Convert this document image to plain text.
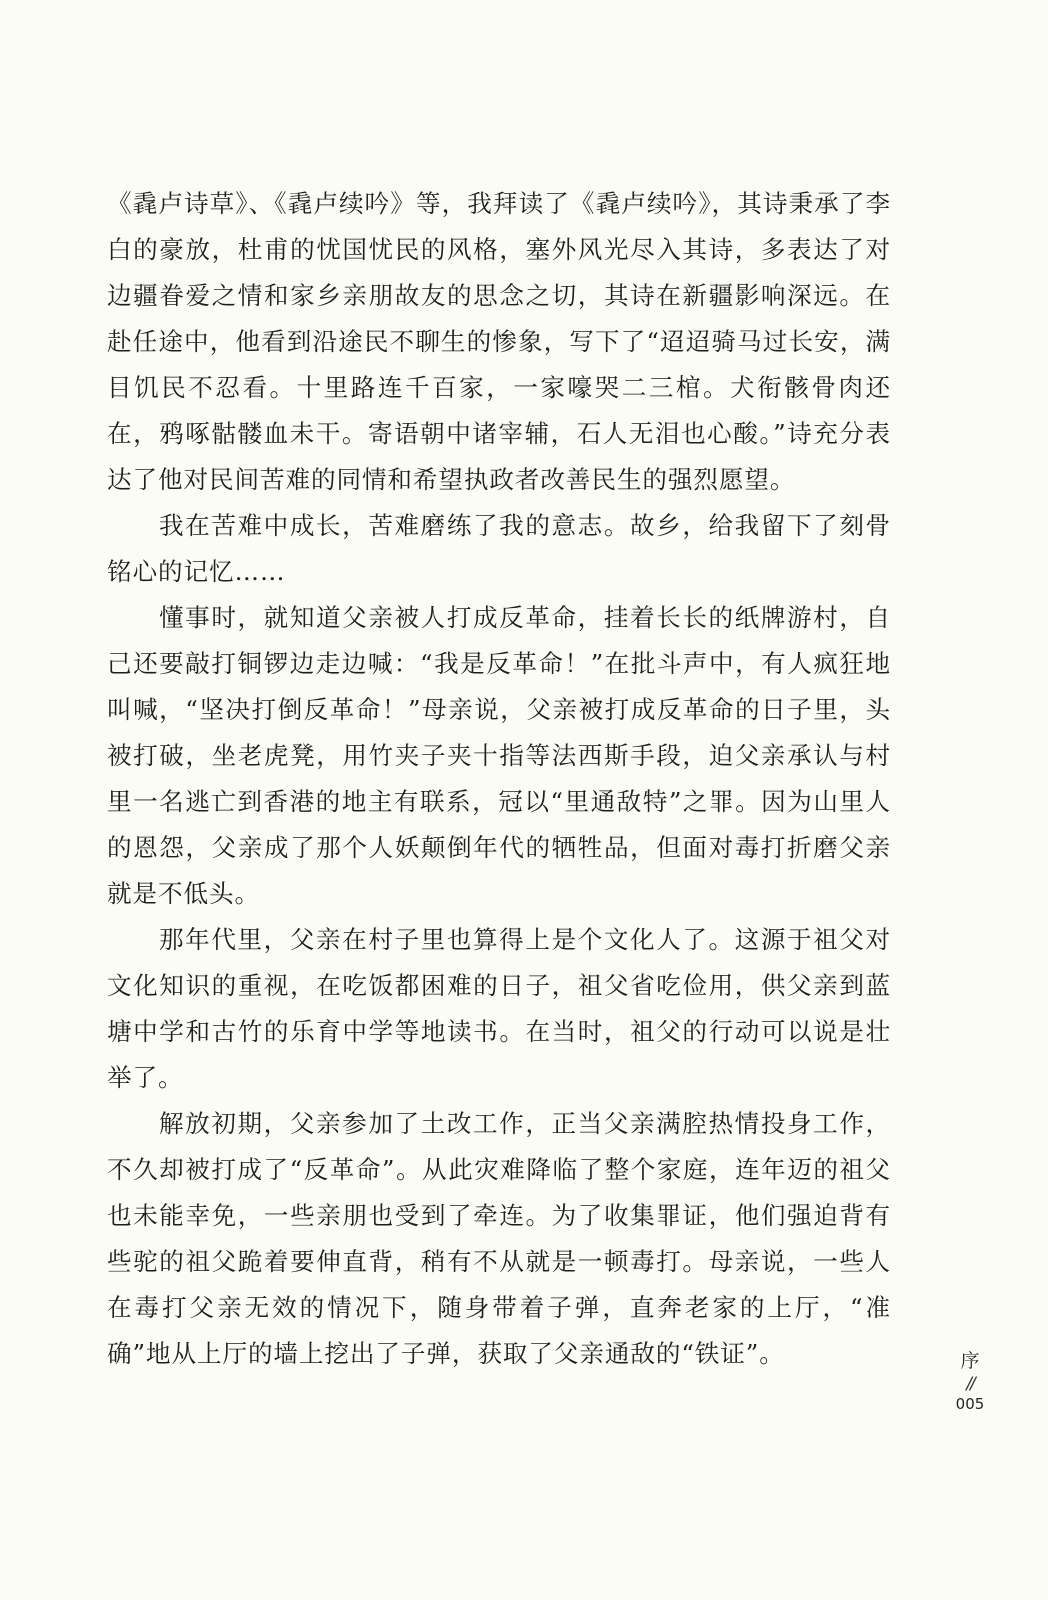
《毳卢诗草》、《毳卢续吟》等，我拜读了《毳卢续吟》，其诗秉承了李白的豪放，杜甫的忧国忧民的风格，塞外风光尽入其诗，多表达了对边疆眷爱之情和家乡亲朋故友的思念之切，其诗在新疆影响深远。在赴任途中，他看到沿途民不聊生的惨象，写下了“迢迢骑马过长安，满目饥民不忍看。十里路连千百家，一家嚎哭二三棺。犬衔骸骨肉还在，鸦啄骷髅血未干。寄语朝中诸宰辅，石人无泪也心酸。”诗充分表达了他对民间苦难的同情和希望执政者改善民生的强烈愿望。

我在苦难中成长，苦难磨练了我的意志。故乡，给我留下了刻骨铭心的记忆……

懂事时，就知道父亲被人打成反革命，挂着长长的纸牌游村，自己还要敲打铜锣边走边喊：“我是反革命！”在批斗声中，有人疯狂地叫喊，“坚决打倒反革命！”母亲说，父亲被打成反革命的日子里，头被打破，坐老虎凳，用竹夹子夹十指等法西斯手段，迫父亲承认与村里一名逃亡到香港的地主有联系，冠以“里通敌特”之罪。因为山里人的恩怨，父亲成了那个人妖颠倒年代的牺牲品，但面对毒打折磨父亲就是不低头。

那年代里，父亲在村子里也算得上是个文化人了。这源于祖父对文化知识的重视，在吃饭都困难的日子，祖父省吃俭用，供父亲到蓝塘中学和古竹的乐育中学等地读书。在当时，祖父的行动可以说是壮举了。

解放初期，父亲参加了土改工作，正当父亲满腔热情投身工作，不久却被打成了“反革命”。从此灾难降临了整个家庭，连年迈的祖父也未能幸免，一些亲朋也受到了牵连。为了收集罪证，他们强迫背有些驼的祖父跪着要伸直背，稍有不从就是一顿毒打。母亲说，一些人在毒打父亲无效的情况下，随身带着子弹，直奔老家的上厅，“准确”地从上厅的墙上挖出了子弹，获取了父亲通敌的“铁证”。	序
//
005
